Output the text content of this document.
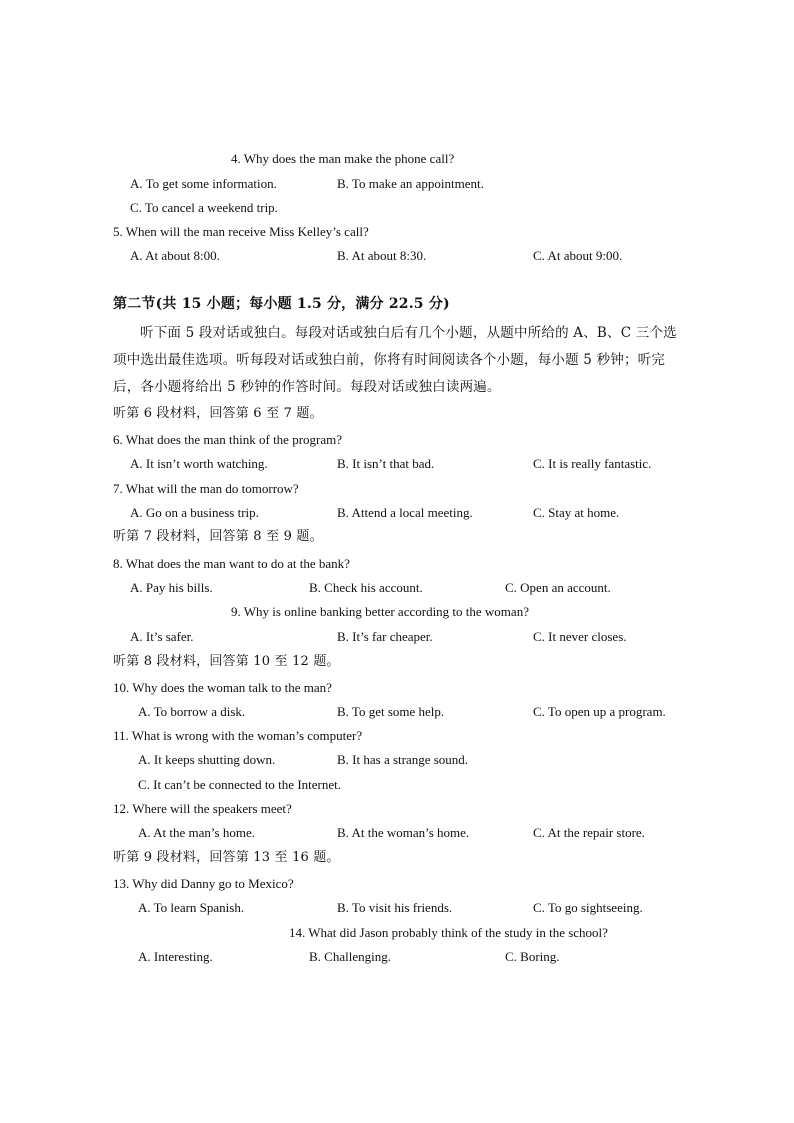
4. Why does the man make the phone call?
A. To get some information.	B. To make an appointment.
C. To cancel a weekend trip.
5. When will the man receive Miss Kelley’s call?
A. At about 8:00.	B. At about 8:30.	C. At about 9:00.
第二节(共 15 小题；每小题 1.5 分，满分 22.5 分)
听下面 5 段对话或独白。每段对话或独白后有几个小题，从题中所给的 A、B、C 三个选项中选出最佳选项。听每段对话或独白前，你将有时间阅读各个小题，每小题 5 秒钟；听完后，各小题将给出 5 秒钟的作答时间。每段对话或独白读两遍。
听第 6 段材料，回答第 6 至 7 题。
6. What does the man think of the program?
A. It isn’t worth watching.	B. It isn’t that bad.	C. It is really fantastic.
7. What will the man do tomorrow?
A. Go on a business trip.	B. Attend a local meeting.	C. Stay at home.
听第 7 段材料，回答第 8 至 9 题。
8. What does the man want to do at the bank?
A. Pay his bills.	B. Check his account.	C. Open an account.
9. Why is online banking better according to the woman?
A. It’s safer.	B. It’s far cheaper.	C. It never closes.
听第 8 段材料，回答第 10 至 12 题。
10. Why does the woman talk to the man?
A. To borrow a disk.	B. To get some help.	C. To open up a program.
11. What is wrong with the woman’s computer?
A. It keeps shutting down.	B. It has a strange sound.
C. It can’t be connected to the Internet.
12. Where will the speakers meet?
A. At the man’s home.	B. At the woman’s home.	C. At the repair store.
听第 9 段材料，回答第 13 至 16 题。
13. Why did Danny go to Mexico?
A. To learn Spanish.	B. To visit his friends.	C. To go sightseeing.
14. What did Jason probably think of the study in the school?
A. Interesting.	B. Challenging.	C. Boring.
